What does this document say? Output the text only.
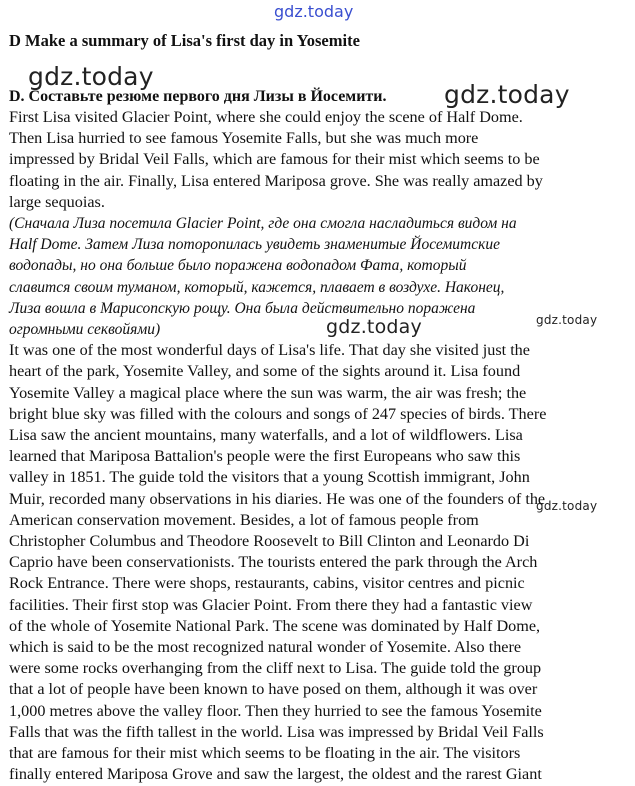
gdz.today
gdz.today
gdz.today
gdz.today	gdz.today
gdz.today
D Make a summary of Lisa's first day in Yosemite
D. Составьте резюме первого дня Лизы в Йосемити.
First Lisa visited Glacier Point, where she could enjoy the scene of Half Dome.
Then Lisa hurried to see famous Yosemite Falls, but she was much more
impressed by Bridal Veil Falls, which are famous for their mist which seems to be
floating in the air. Finally, Lisa entered Mariposa grove. She was really amazed by
large sequoias.
(Сначала Лиза посетила Glacier Point, где она смогла насладиться видом на
Half Dome. Затем Лиза поторопилась увидеть знаменитые Йосемитские
водопады, но она больше было поражена водопадом Фата, который
славится своим туманом, который, кажется, плавает в воздухе. Наконец,
Лиза вошла в Марисопскую рощу. Она была действительно поражена
огромными секвойями)
It was one of the most wonderful days of Lisa's life. That day she visited just the
heart of the park, Yosemite Valley, and some of the sights around it. Lisa found
Yosemite Valley a magical place where the sun was warm, the air was fresh; the
bright blue sky was filled with the colours and songs of 247 species of birds. There
Lisa saw the ancient mountains, many waterfalls, and a lot of wildflowers. Lisa
learned that Mariposa Battalion's people were the first Europeans who saw this
valley in 1851. The guide told the visitors that a young Scottish immigrant, John
Muir, recorded many observations in his diaries. He was one of the founders of the
American conservation movement. Besides, a lot of famous people from
Christopher Columbus and Theodore Roosevelt to Bill Clinton and Leonardo Di
Caprio have been conservationists. The tourists entered the park through the Arch
Rock Entrance. There were shops, restaurants, cabins, visitor centres and picnic
facilities. Their first stop was Glacier Point. From there they had a fantastic view
of the whole of Yosemite National Park. The scene was dominated by Half Dome,
which is said to be the most recognized natural wonder of Yosemite. Also there
were some rocks overhanging from the cliff next to Lisa. The guide told the group
that a lot of people have been known to have posed on them, although it was over
1,000 metres above the valley floor. Then they hurried to see the famous Yosemite
Falls that was the fifth tallest in the world. Lisa was impressed by Bridal Veil Falls
that are famous for their mist which seems to be floating in the air. The visitors
finally entered Mariposa Grove and saw the largest, the oldest and the rarest Giant
